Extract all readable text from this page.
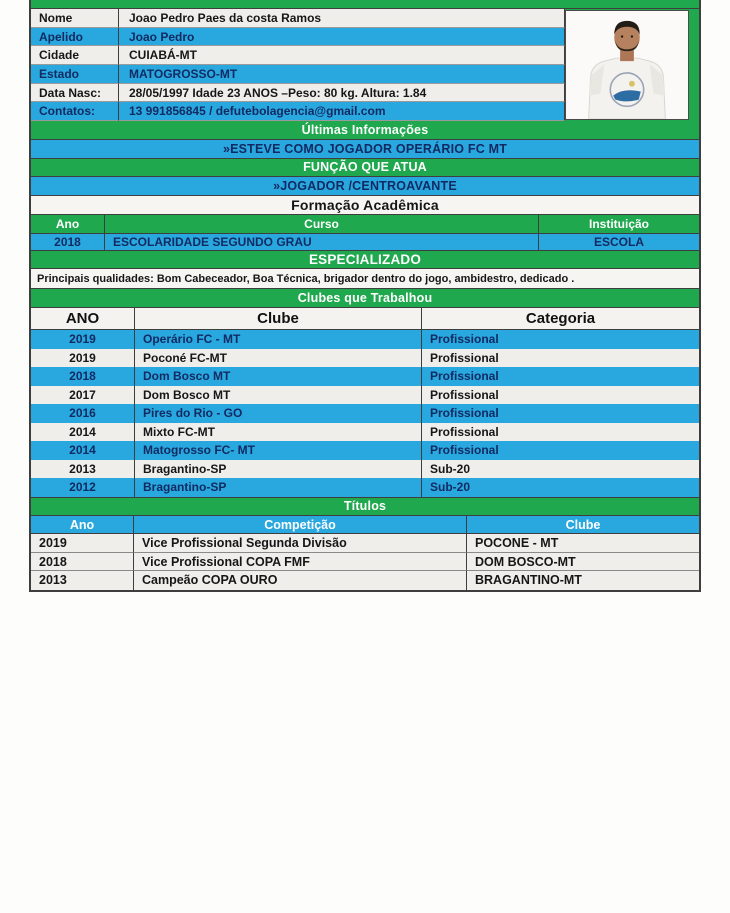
Nome	Joao Pedro Paes da costa Ramos
Apelido	Joao Pedro
Cidade	CUIABÁ-MT
Estado	MATOGROSSO-MT
Data Nasc:	28/05/1997 Idade 23 ANOS –Peso: 80 kg. Altura: 1.84
Contatos:	13 991856845 / defutebolagencia@gmail.com
Últimas Informações
»ESTEVE COMO JOGADOR OPERÁRIO FC MT
FUNÇÃO QUE ATUA
»JOGADOR /CENTROAVANTE
Formação Acadêmica
Ano	Curso	Instituição
2018	ESCOLARIDADE SEGUNDO GRAU	ESCOLA
ESPECIALIZADO
Principais qualidades: Bom Cabeceador, Boa Técnica, brigador dentro do jogo, ambidestro, dedicado .
Clubes que Trabalhou
ANO	Clube	Categoria
2019	Operário FC - MT	Profissional
2019	Poconé FC-MT	Profissional
2018	Dom Bosco MT	Profissional
2017	Dom Bosco MT	Profissional
2016	Pires do Rio - GO	Profissional
2014	Mixto FC-MT	Profissional
2014	Matogrosso FC- MT	Profissional
2013	Bragantino-SP	Sub-20
2012	Bragantino-SP	Sub-20
Títulos
Ano	Competição	Clube
2019	Vice Profissional Segunda Divisão	POCONE - MT
2018	Vice Profissional COPA FMF	DOM BOSCO-MT
2013	Campeão COPA OURO	BRAGANTINO-MT
